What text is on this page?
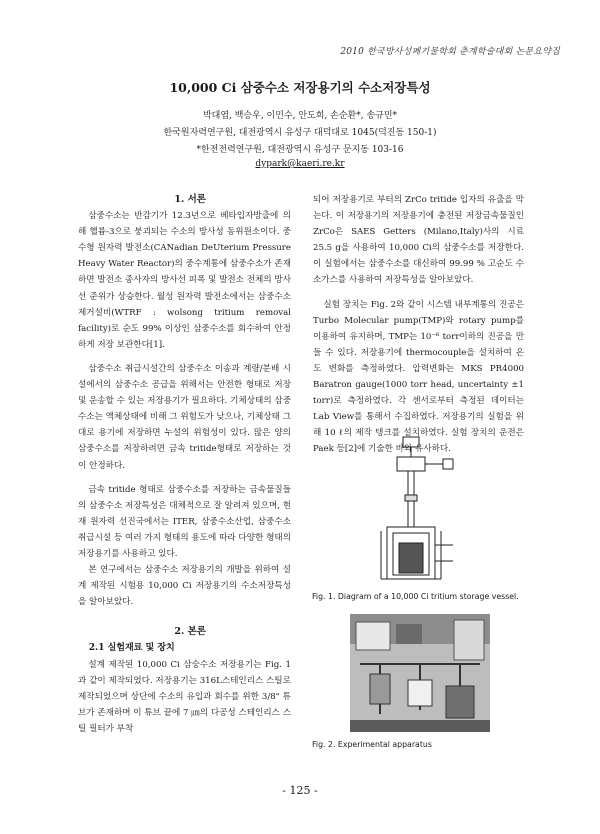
2010 한국방사성폐기물학회 춘계학술대회 논문요약집
10,000 Ci 삼중수소 저장용기의 수소저장특성
박대엽, 백승우, 이민수, 안도희, 손순환*, 송규민*
한국원자력연구원, 대전광역시 유성구 대덕대로 1045(덕진동 150-1)
*한전전력연구원, 대전광역시 유성구 문지동 103-16
dypark@kaeri.re.kr

1. 서론

삼중수소는 반감기가 12.3년으로 베타입자방출에 의해 헬륨-3으로 붕괴되는 수소의 방사성 동위원소이다. 중수형 원자력 발전소(CANadian DeUterium Pressure Heavy Water Reactor)의 중수계통에 삼중수소가 존재하면 발전소 종사자의 방사선 피폭 및 발전소 전체의 방사선 준위가 상승한다. 월성 원자력 발전소에서는 삼중수소제거설비(WTRF : wolsong tritium removal facility)로 순도 99% 이상인 삼중수소를 회수하여 안정하게 저장 보관한다[1].

삼중수소 취급시설간의 삼중수소 이송과 계량/분배 시설에서의 삼중수소 공급을 위해서는 안전한 형태로 저장 및 운송할 수 있는 저장용기가 필요하다. 기체상태의 삼중수소는 액체상태에 비해 그 위험도가 낮으나, 기체상태 그대로 용기에 저장하면 누설의 위험성이 있다. 많은 양의 삼중수소를 저장하려면 금속 tritide형태로 저장하는 것이 안정하다.

금속 tritide 형태로 삼중수소를 저장하는 금속물질들의 삼중수소 저장특성은 대체적으로 잘 알려져 있으며, 현재 원자력 선진국에서는 ITER, 삼중수소산업, 삼중수소 취급시설 등 여러 가지 형태의 용도에 따라 다양한 형태의 저장용기를 사용하고 있다.

본 연구에서는 삼중수소 저장용기의 개발을 위하여 설계 제작된 시험용 10,000 Ci 저장용기의 수소저장특성을 알아보았다.

2. 본론

2.1 실험재료 및 장치

설계 제작된 10,000 Ci 삼숭수소 저장용기는 Fig. 1과 같이 제작되었다. 저장용기는 316L스테인리스 스틸로 제작되었으며 상단에 수소의 유입과 회수를 위한 3/8" 튜브가 존재하며 이 튜브 끝에 7 ㎛의 다공성 스테인리스 스틸 필터가 부착

되어 저장용기로 부터의 ZrCo tritide 입자의 유출을 막는다. 이 저장용기의 저장용기에 충전된 저장금속물질인 ZrCo은 SAES Getters (Milano,Italy)사의 시료 25.5 g을 사용하여 10,000 Ci의 삼중수소를 저장한다. 이 실험에서는 삼중수소를 대신하여 99.99 % 고순도 수소가스를 사용하여 저장특성을 알아보았다.

실험 장치는 Fig. 2와 같이 시스템 내부계통의 진공은 Turbo Molecular pump(TMP)와 rotary pump를 이용하여 유지하며, TMP는 10⁻⁶ torr이하의 진공을 만들 수 있다. 저장용기에 thermocouple을 설치하여 온도 변화를 측정하였다. 압력변화는 MKS PR4000 Baratron gauge(1000 torr head, uncertainty ±1 torr)로 측정하였다. 각 센서로부터 측정된 데이터는 Lab View를 통해서 수집하였다. 저장용기의 실험을 위해 10 ℓ의 제작 탱크를 설치하였다. 실험 장치의 운전은 Paek 등[2]에 기술한 바와 유사하다.

Fig. 1. Diagram of a 10,000 Ci tritium storage vessel.
Fig. 2. Experimental apparatus
- 125 -
